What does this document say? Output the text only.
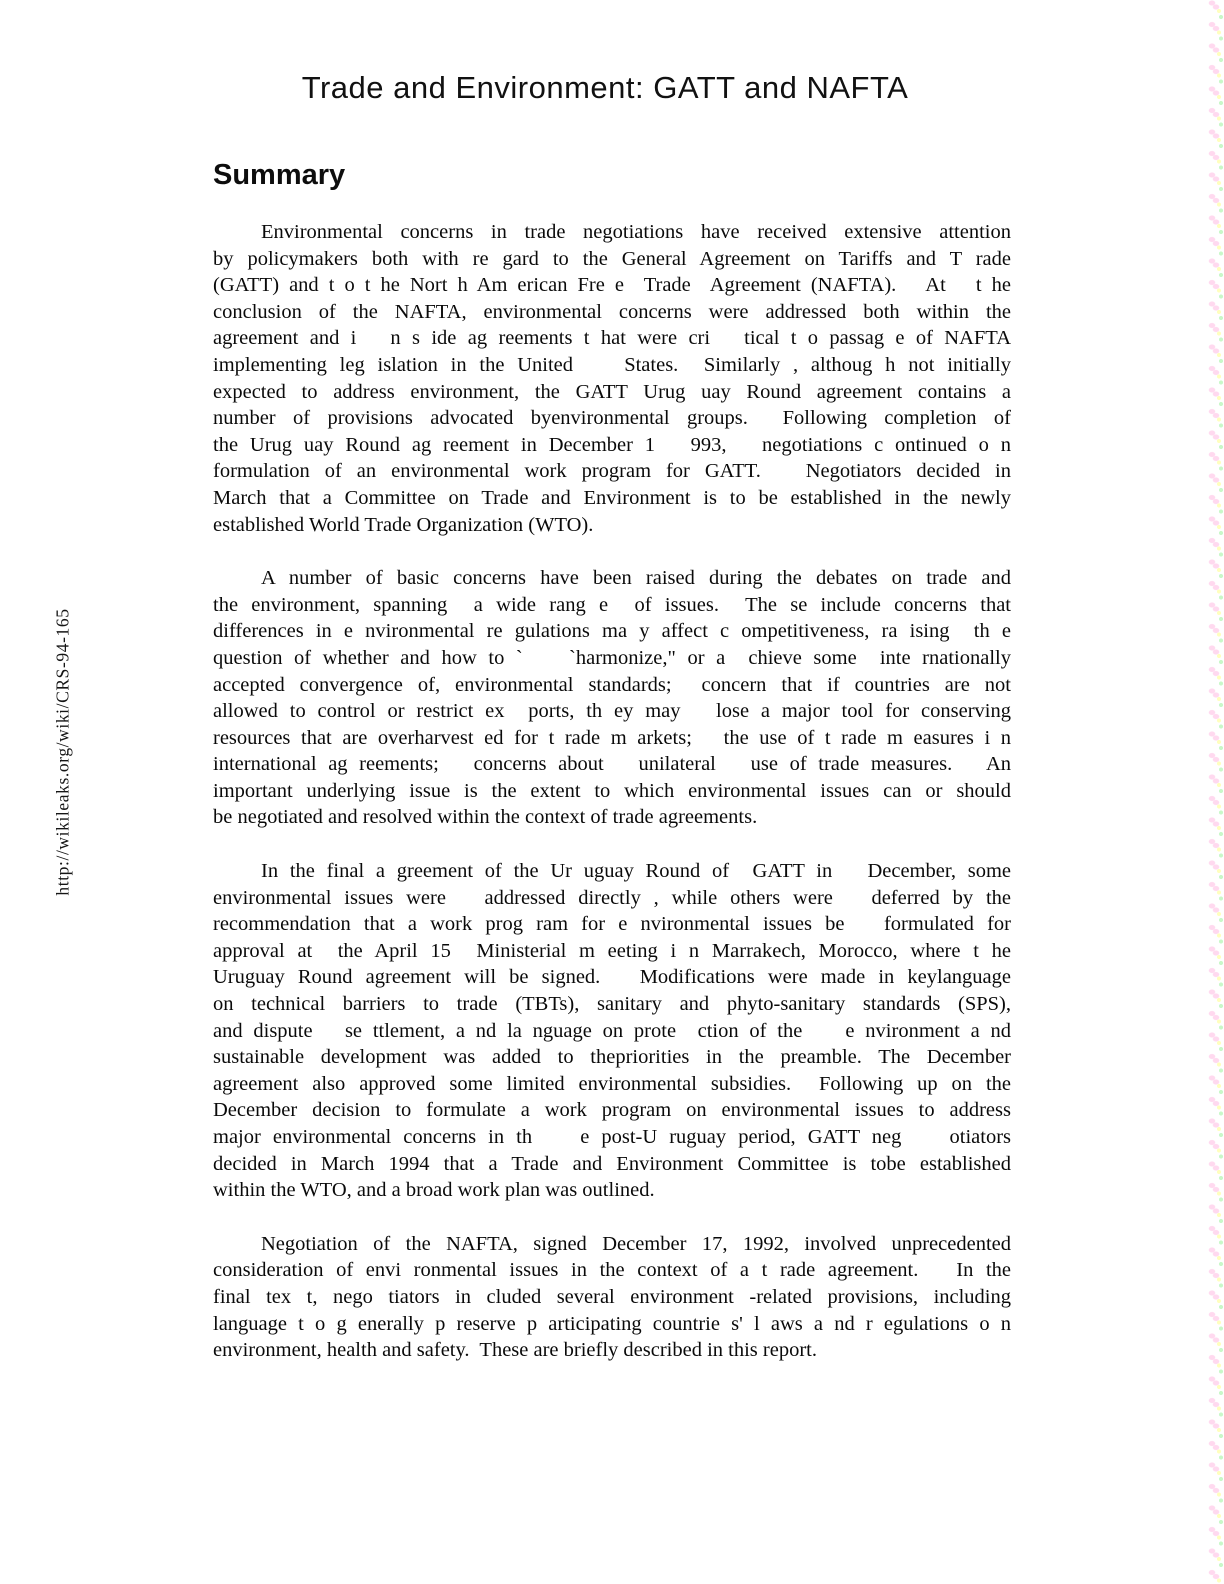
Trade and Environment: GATT and NAFTA
Summary
Environmental concerns in trade negotiations have received extensive attention
by policymakers both with re gard to the General Agreement on Tariffs and T rade
(GATT) and t o t he Nort h Am erican Fre e  Trade  Agreement (NAFTA).   At   t he
conclusion of the NAFTA, environmental concerns were addressed both within the
agreement and i   n s ide ag reements t hat were cri   tical t o passag e of NAFTA
implementing leg islation in the United    States.  Similarly , althoug h not initially
expected to address environment, the GATT Urug uay Round agreement contains a
number of provisions advocated byenvironmental groups.  Following completion of
the Urug uay Round ag reement in December 1   993,   negotiations c ontinued o n
formulation of an environmental work program for GATT.   Negotiators decided in
March that a Committee on Trade and Environment is to be established in the newly
established World Trade Organization (WTO).
A number of basic concerns have been raised during the debates on trade and
the environment, spanning  a wide rang e  of issues.  The se include concerns that
differences in e nvironmental re gulations ma y affect c ompetitiveness, ra ising  th e
question of whether and how to `    `harmonize," or a  chieve some  inte rnationally
accepted convergence of, environmental standards;  concern that if countries are not
allowed to control or restrict ex  ports, th ey may   lose a major tool for conserving
resources that are overharvest ed for t rade m arkets;   the use of t rade m easures i n
international ag reements;   concerns about   unilateral   use of trade measures.   An
important underlying issue is the extent to which environmental issues can or should
be negotiated and resolved within the context of trade agreements.
In the final a greement of the Ur uguay Round of  GATT in   December, some
environmental issues were   addressed directly , while others were   deferred by the
recommendation that a work prog ram for e nvironmental issues be   formulated for
approval at  the April 15  Ministerial m eeting i n Marrakech, Morocco, where t he
Uruguay Round agreement will be signed.   Modifications were made in keylanguage
on technical barriers to trade (TBTs), sanitary and phyto-sanitary standards (SPS),
and dispute   se ttlement, a nd la nguage on prote  ction of the    e nvironment a nd
sustainable development was added to thepriorities in the preamble. The December
agreement also approved some limited environmental subsidies.  Following up on the
December decision to formulate a work program on environmental issues to address
major environmental concerns in th    e post-U ruguay period, GATT neg    otiators
decided in March 1994 that a Trade and Environment Committee is tobe established
within the WTO, and a broad work plan was outlined.
Negotiation of the NAFTA, signed December 17, 1992, involved unprecedented
consideration of envi ronmental issues in the context of a t rade agreement.   In the
final tex t, nego tiators in cluded several environment -related provisions, including
language t o g enerally p reserve p articipating countrie s' l aws a nd r egulations o n
environment, health and safety.  These are briefly described in this report.
http://wikileaks.org/wiki/CRS-94-165
